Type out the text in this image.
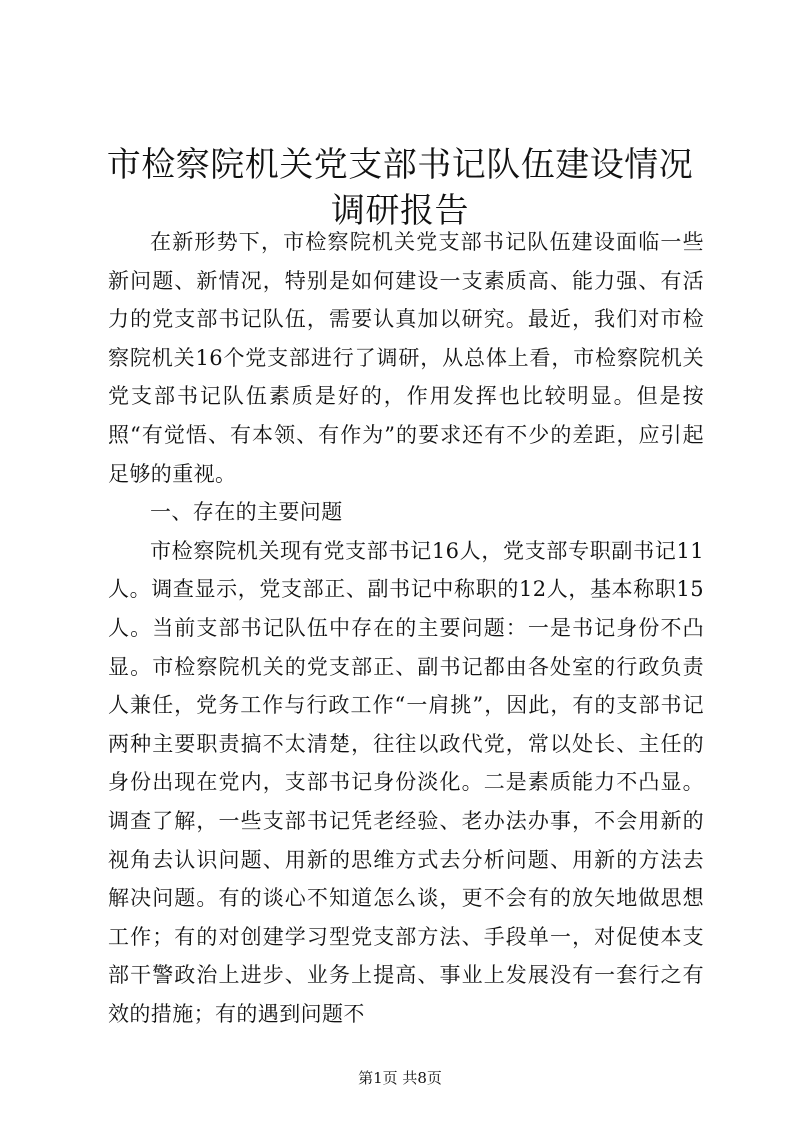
市检察院机关党支部书记队伍建设情况调研报告

在新形势下，市检察院机关党支部书记队伍建设面临一些新问题、新情况，特别是如何建设一支素质高、能力强、有活力的党支部书记队伍，需要认真加以研究。最近，我们对市检察院机关16个党支部进行了调研，从总体上看，市检察院机关党支部书记队伍素质是好的，作用发挥也比较明显。但是按照“有觉悟、有本领、有作为”的要求还有不少的差距，应引起足够的重视。

一、存在的主要问题

市检察院机关现有党支部书记16人，党支部专职副书记11人。调查显示，党支部正、副书记中称职的12人，基本称职15人。当前支部书记队伍中存在的主要问题：一是书记身份不凸显。市检察院机关的党支部正、副书记都由各处室的行政负责人兼任，党务工作与行政工作“一肩挑”，因此，有的支部书记两种主要职责搞不太清楚，往往以政代党，常以处长、主任的身份出现在党内，支部书记身份淡化。二是素质能力不凸显。调查了解，一些支部书记凭老经验、老办法办事，不会用新的视角去认识问题、用新的思维方式去分析问题、用新的方法去解决问题。有的谈心不知道怎么谈，更不会有的放矢地做思想工作；有的对创建学习型党支部方法、手段单一，对促使本支部干警政治上进步、业务上提高、事业上发展没有一套行之有效的措施；有的遇到问题不

第1页 共8页
